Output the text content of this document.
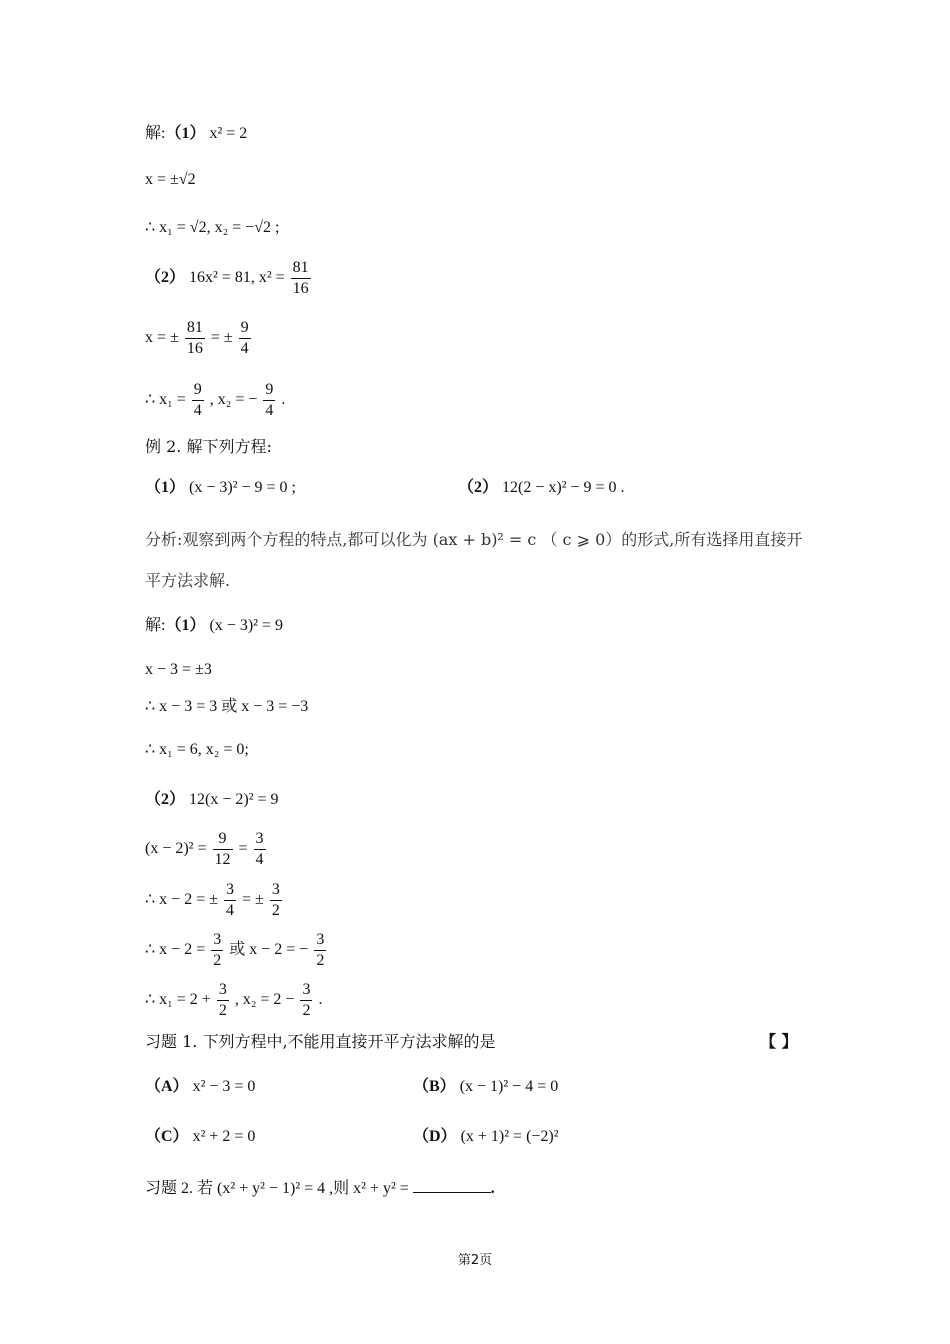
解:（1） x² = 2
x = ±√2
∴ x₁ = √2, x₂ = −√2 ;
（2） 16x² = 81, $x^2 = \frac{81}{16}$
x = ± $\frac{81}{16}$ = ± $\frac{9}{4}$
∴ $x_1 = \frac{9}{4}$ , x₂ = − $\frac{9}{4}$ .
例 2. 解下列方程:
（1） (x − 3)² − 9 = 0 ;	（2） 12(2 − x)² − 9 = 0 .
分析:观察到两个方程的特点,都可以化为 (ax + b)² = c （ c ⩾ 0）的形式,所有选择用直接开
平方法求解.
解:（1） (x − 3)² = 9
x − 3 = ±3
∴ x − 3 = 3 或 x − 3 = −3
∴ x₁ = 6, x₂ = 0;
（2） 12(x − 2)² = 9
$(x - 2)^2 = \frac{9}{12} = \frac{3}{4}$
∴ x − 2 = ± $\frac{3}{4}$ = ± $\frac{3}{2}$
∴ $x - 2 = \frac{3}{2}$ 或 x − 2 = − $\frac{3}{2}$
∴ $x_1 = 2 + \frac{3}{2}$ , $x_2 = 2 - \frac{3}{2}$ .
习题 1. 下列方程中,不能用直接开平方法求解的是	【 】
（A） x² − 3 = 0	（B） (x − 1)² − 4 = 0
（C） x² + 2 = 0	（D） (x + 1)² = (−2)²
习题 2. 若 (x² + y² − 1)² = 4 ,则 x² + y² =	.
第2页
